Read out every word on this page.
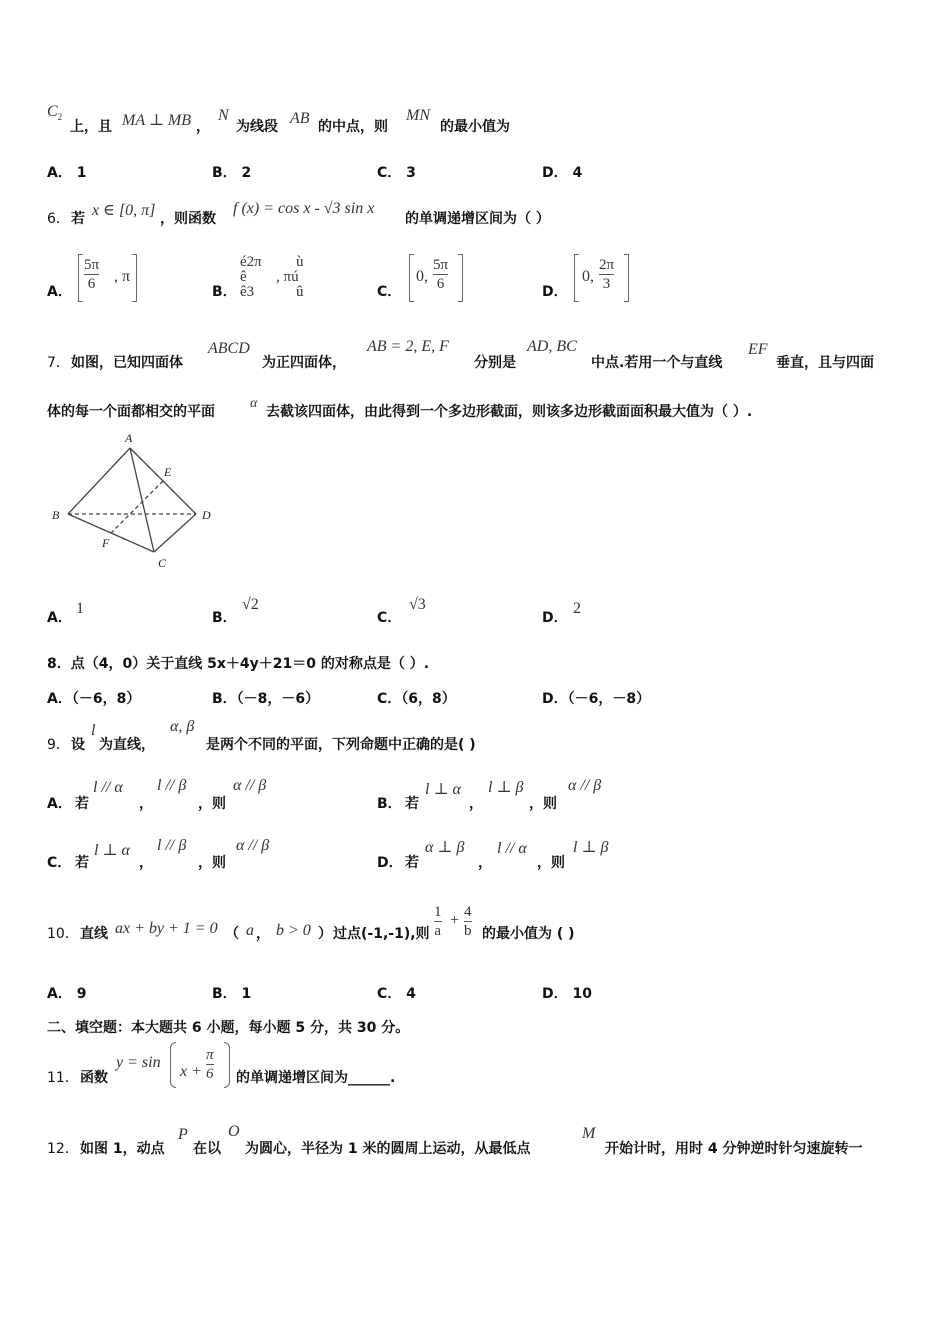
$C_2$
上，且 MA ⊥ MB ，
N
为线段 AB 的中点，则
MN
的最小值为
A． 1	B． 2	C． 3	D． 4
6． 若 x ∈ [0, π] ，则函数
f (x) = cos x - √3 sin x
的单调递增区间为（ ）
A．
5π
6 , π
B．
é2π
ê
ê3
, πú
ù
û	C．
0,
5π
6	D．
0,
2π
3
7． 如图，已知四面体
ABCD
为正四面体，
AB = 2, E, F
分别是
AD, BC
中点.若用一个与直线
EF
垂直，且与四面
体的每一个面都相交的平面
α
去截该四面体，由此得到一个多边形截面，则该多边形截面面积最大值为（ ）.
A
B
C
D
E
F
A．
1
B．
√2
C．
√3
D．
2
8．点（4，0）关于直线 5x＋4y＋21＝0 的对称点是（ ）.
A．（－6，8）	B．（－8，－6）	C．（6，8）	D．（－6，－8）
9． 设
l
为直线，
α, β
是两个不同的平面，下列命题中正确的是( )
A． 若
l // α
，
l // β
，则
α // β
B． 若
l ⊥ α
，
l ⊥ β
，则
α // β
C． 若
l ⊥ α
，
l // β
，则
α // β
D． 若
α ⊥ β
，
l // α
，则
l ⊥ β
10． 直线 ax + by + 1 = 0 （ a ， b > 0 ） 过点(-1,-1),则
1
a
+ 4
b 的最小值为 ( )
A． 9	B． 1	C． 4	D． 10
二、填空题：本大题共 6 小题，每小题 5 分，共 30 分。
11． 函数
y = sin
x +
π
6 的单调递增区间为______.
12． 如图 1，动点
P
在以
O
为圆心，半径为 1 米的圆周上运动，从最低点
M
开始计时，用时 4 分钟逆时针匀速旋转一
